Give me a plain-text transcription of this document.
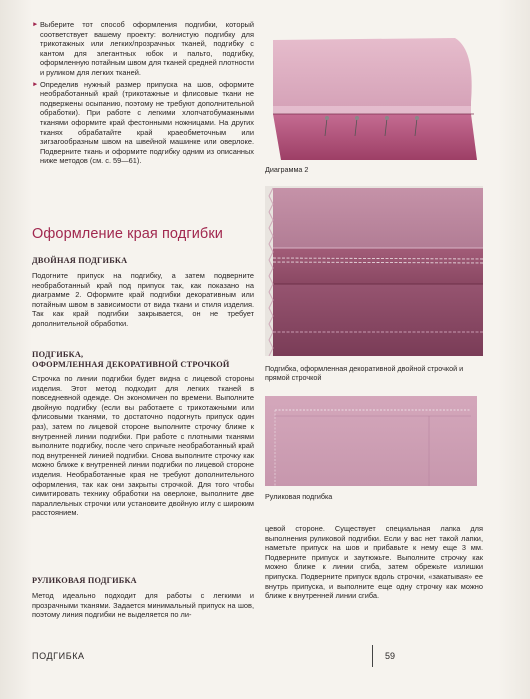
► Выберите тот способ оформления подгибки, который соответствует вашему проекту: волнистую подгибку для трикотажных или легких/прозрачных тканей, подгибку с кантом для элегантных юбок и пальто, подгибку, оформленную потайным швом для тканей средней плотности и руликом для легких тканей.
► Определив нужный размер припуска на шов, оформите необработанный край (трикотажные и флисовые ткани не подвержены осыпанию, поэтому не требуют дополнительной обработки). При работе с легкими хлопчатобумажными тканями оформите край фестонными ножницами. На других тканях обрабатайте край краеобметочным или зигзагообразным швом на швейной машинке или оверлоке. Подверните ткань и оформите подгибку одним из описанных ниже методов (см. с. 59—61).
Оформление края подгибки
ДВОЙНАЯ ПОДГИБКА

Подогните припуск на подгибку, а затем подверните необработанный край под припуск так, как показано на диаграмме 2. Оформите край подгибки декоративным или потайным швом в зависимости от вида ткани и стиля изделия. Так как край подгибки закрывается, он не требует дополнительной обработки.

ПОДГИБКА,
ОФОРМЛЕННАЯ ДЕКОРАТИВНОЙ СТРОЧКОЙ

Строчка по линии подгибки будет видна с лицевой стороны изделия. Этот метод подходит для легких тканей в повседневной одежде. Он экономичен по времени. Выполните двойную подгибку (если вы работаете с трикотажными или флисовыми тканями, то достаточно подогнуть припуск один раз), затем по лицевой стороне выполните строчку ближе к внутренней линии подгибки. При работе с плотными тканями выполните подгибку, после чего спричьте необработанный край под внутренней линией подгибки. Снова выполните строчку как можно ближе к внутренней линии подгибки по лицевой стороне изделия. Необработанные края не требуют дополнительного оформления, так как они закрыты строчкой. Для того чтобы симитировать технику обработки на оверлоке, выполните две параллельных строчки или установите двойную иглу с широким расстоянием.

РУЛИКОВАЯ ПОДГИБКА

Метод идеально подходит для работы с легкими и прозрачными тканями. Задается минимальный припуск на шов, поэтому линия подгибки не выделяется по ли-

Диаграмма 2
Подгибка, оформленная декоративной двойной строчкой и прямой строчкой
Руликовая подгибка

цевой стороне. Существует специальная лапка для выполнения руликовой подгибки. Если у вас нет такой лапки, наметьте припуск на шов и прибавьте к нему еще 3 мм. Подверните припуск и заутюжьте. Выполните строчку как можно ближе к линии сгиба, затем обрежьте излишки припуска. Подверните припуск вдоль строчки, «закатывая» ее внутрь припуска, и выполните еще одну строчку как можно ближе к внутренней линии сгиба.

ПОДГИБКА	59
